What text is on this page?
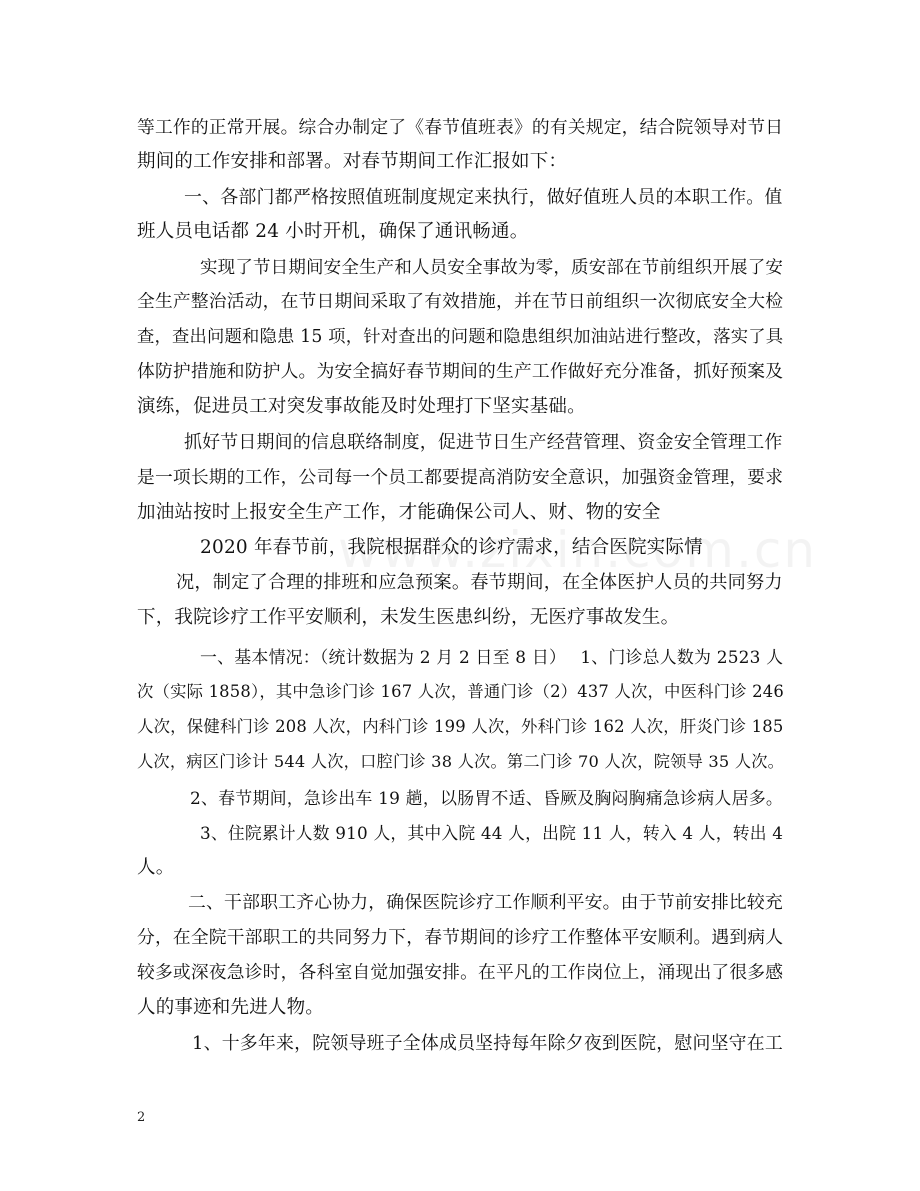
等工作的正常开展。综合办制定了《春节值班表》的有关规定，结合院领导对节日
期间的工作安排和部署。对春节期间工作汇报如下：
一、各部门都严格按照值班制度规定来执行，做好值班人员的本职工作。值
班人员电话都 24 小时开机，确保了通讯畅通。
实现了节日期间安全生产和人员安全事故为零，质安部在节前组织开展了安
全生产整治活动，在节日期间采取了有效措施，并在节日前组织一次彻底安全大检
查，查出问题和隐患 15 项，针对查出的问题和隐患组织加油站进行整改，落实了具
体防护措施和防护人。为安全搞好春节期间的生产工作做好充分准备，抓好预案及
演练，促进员工对突发事故能及时处理打下坚实基础。
抓好节日期间的信息联络制度，促进节日生产经营管理、资金安全管理工作
是一项长期的工作，公司每一个员工都要提高消防安全意识，加强资金管理，要求
加油站按时上报安全生产工作，才能确保公司人、财、物的安全
2020 年春节前，我院根据群众的诊疗需求，结合医院实际情
况，制定了合理的排班和应急预案。春节期间，在全体医护人员的共同努力
下，我院诊疗工作平安顺利，未发生医患纠纷，无医疗事故发生。
一、基本情况：（统计数据为 2 月 2 日至 8 日）　 1、门诊总人数为 2523 人
次（实际 1858），其中急诊门诊 167 人次，普通门诊（2）437 人次，中医科门诊 246
人次，保健科门诊 208 人次，内科门诊 199 人次，外科门诊 162 人次，肝炎门诊 185
人次，病区门诊计 544 人次，口腔门诊 38 人次。第二门诊 70 人次，院领导 35 人次。
2、春节期间，急诊出车 19 趟，以肠胃不适、昏厥及胸闷胸痛急诊病人居多。
3、住院累计人数 910 人，其中入院 44 人，出院 11 人，转入 4 人，转出 4
人。
二、干部职工齐心协力，确保医院诊疗工作顺利平安。由于节前安排比较充
分，在全院干部职工的共同努力下，春节期间的诊疗工作整体平安顺利。遇到病人
较多或深夜急诊时，各科室自觉加强安排。在平凡的工作岗位上，涌现出了很多感
人的事迹和先进人物。
1、十多年来，院领导班子全体成员坚持每年除夕夜到医院，慰问坚守在工
2
